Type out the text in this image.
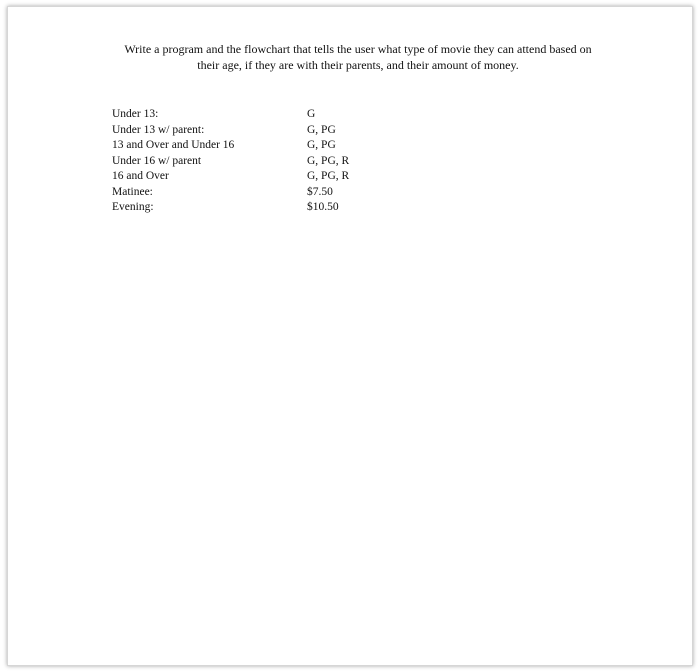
Write a program and the flowchart that tells the user what type of movie they can attend based on
their age, if they are with their parents, and their amount of money.
Under 13:	G
Under 13 w/ parent:	G, PG
13 and Over and Under 16	G, PG
Under 16 w/ parent	G, PG, R
16 and Over	G, PG, R
Matinee:	$7.50
Evening:	$10.50
